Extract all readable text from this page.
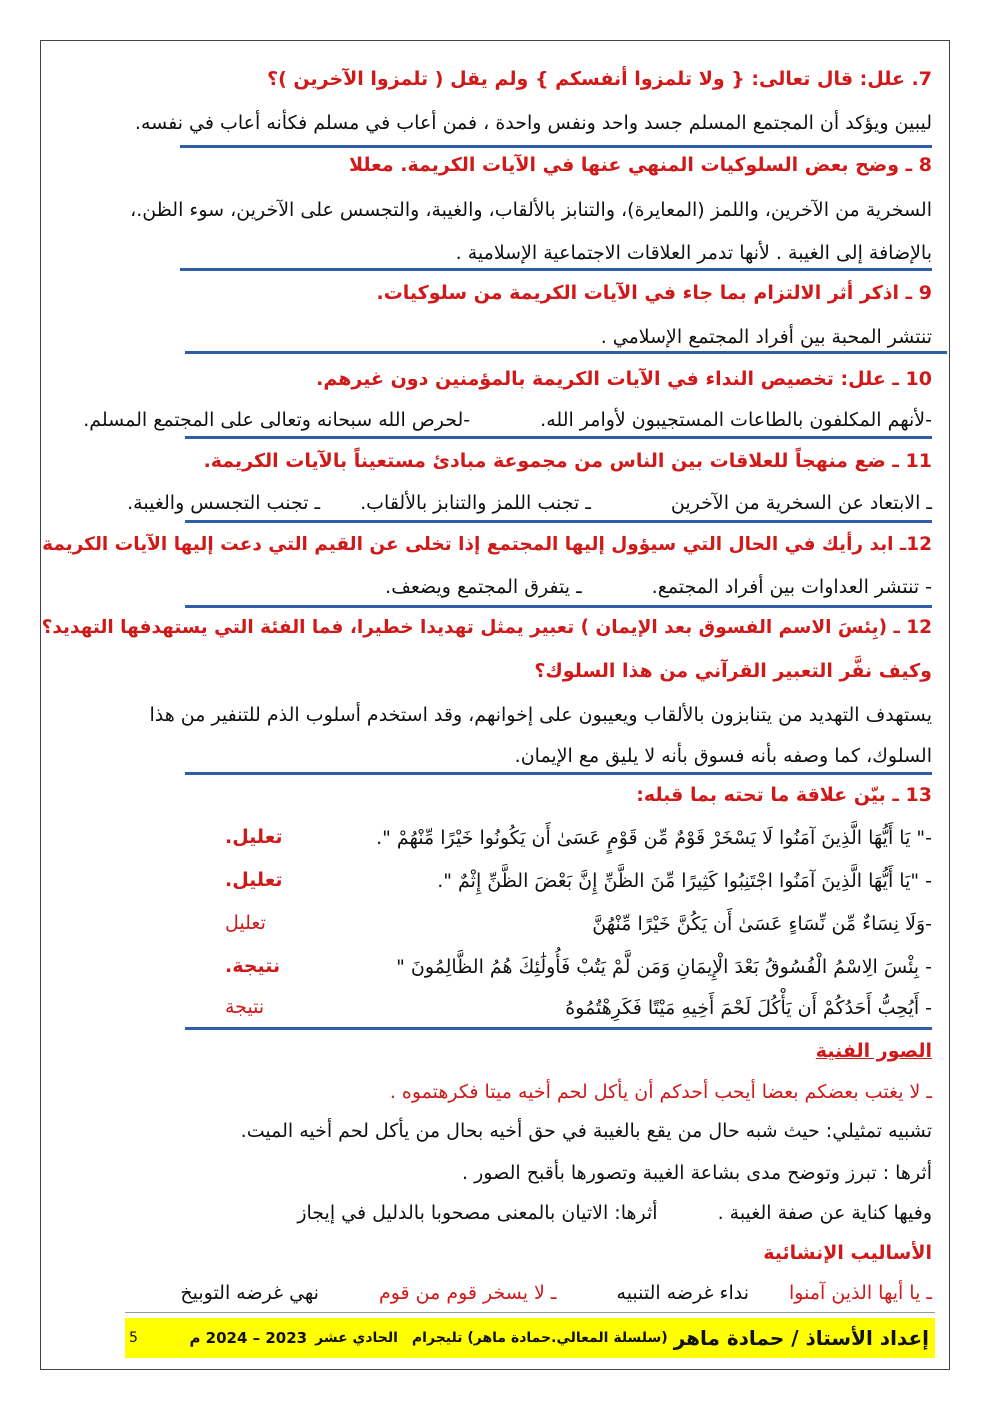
7. علل: قال تعالى: { ولا تلمزوا أنفسكم } ولم يقل ( تلمزوا الآخرين )؟
ليبين ويؤكد أن المجتمع المسلم جسد واحد ونفس واحدة ، فمن أعاب في مسلم فكأنه أعاب في نفسه.
8 ـ وضح بعض السلوكيات المنهي عنها في الآيات الكريمة. معللا
السخرية من الآخرين، واللمز (المعايرة)، والتنابز بالألقاب، والغيبة، والتجسس على الآخرين، سوء الظن.،
بالإضافة إلى الغيبة . لأنها تدمر العلاقات الاجتماعية الإسلامية .
9 ـ اذكر أثر الالتزام بما جاء في الآيات الكريمة من سلوكيات.
تنتشر المحبة بين أفراد المجتمع الإسلامي .
10 ـ علل: تخصيص النداء في الآيات الكريمة بالمؤمنين دون غيرهم.
-لأنهم المكلفون بالطاعات المستجيبون لأوامر الله.
-لحرص الله سبحانه وتعالى على المجتمع المسلم.
11 ـ ضع منهجاً للعلاقات بين الناس من مجموعة مبادئ مستعيناً بالآيات الكريمة.
ـ الابتعاد عن السخرية من الآخرين
ـ تجنب اللمز والتنابز بالألقاب.
ـ تجنب التجسس والغيبة.
12ـ ابد رأيك في الحال التي سيؤول إليها المجتمع إذا تخلى عن القيم التي دعت إليها الآيات الكريمة
- تنتشر العداوات بين أفراد المجتمع.
ـ يتفرق المجتمع ويضعف.
12 ـ (بِئسَ الاسم الفسوق بعد الإيمان ) تعبير يمثل تهديدا خطيرا، فما الفئة التي يستهدفها التهديد؟
وكيف نفَّر التعبير القرآني من هذا السلوك؟
يستهدف التهديد من يتنابزون بالألقاب ويعيبون على إخوانهم، وقد استخدم أسلوب الذم للتنفير من هذا
السلوك، كما وصفه بأنه فسوق بأنه لا يليق مع الإيمان.
13 ـ بيّن علاقة ما تحته بما قبله:
-" يَا أَيُّهَا الَّذِينَ آمَنُوا لَا يَسْخَرْ قَوْمٌ مِّن قَوْمٍ عَسَىٰ أَن يَكُونُوا خَيْرًا مِّنْهُمْ ".
تعليل.
- "يَا أَيُّهَا الَّذِينَ آمَنُوا اجْتَنِبُوا كَثِيرًا مِّنَ الظَّنِّ إِنَّ بَعْضَ الظَّنِّ إِثْمٌ ".
تعليل.
-وَلَا نِسَاءٌ مِّن نِّسَاءٍ عَسَىٰ أَن يَكُنَّ خَيْرًا مِّنْهُنَّ
تعليل
- بِئْسَ الِاسْمُ الْفُسُوقُ بَعْدَ الْإِيمَانِ وَمَن لَّمْ يَتُبْ فَأُولَٰئِكَ هُمُ الظَّالِمُونَ "
نتيجة.
- أَيُحِبُّ أَحَدُكُمْ أَن يَأْكُلَ لَحْمَ أَخِيهِ مَيْتًا فَكَرِهْتُمُوهُ
نتيجة
الصور الفنية
ـ لا يغتب بعضكم بعضا أيحب أحدكم أن يأكل لحم أخيه ميتا فكرهتموه .
تشبيه تمثيلي: حيث شبه حال من يقع بالغيبة في حق أخيه بحال من يأكل لحم أخيه الميت.
أثرها : تبرز وتوضح مدى بشاعة الغيبة وتصورها بأقبح الصور .
وفيها كناية عن صفة الغيبة .
أثرها: الاتيان بالمعنى مصحوبا بالدليل في إيجاز
الأساليب الإنشائية
ـ يا أيها الذين آمنوا
نداء غرضه التنبيه
ـ لا يسخر قوم من قوم
نهي غرضه التوبيخ
إعداد الأستاذ / حمادة ماهر
(سلسلة المعالي.حمادة ماهر) تليجرام
الحادي عشر
2023 – 2024 م
5
